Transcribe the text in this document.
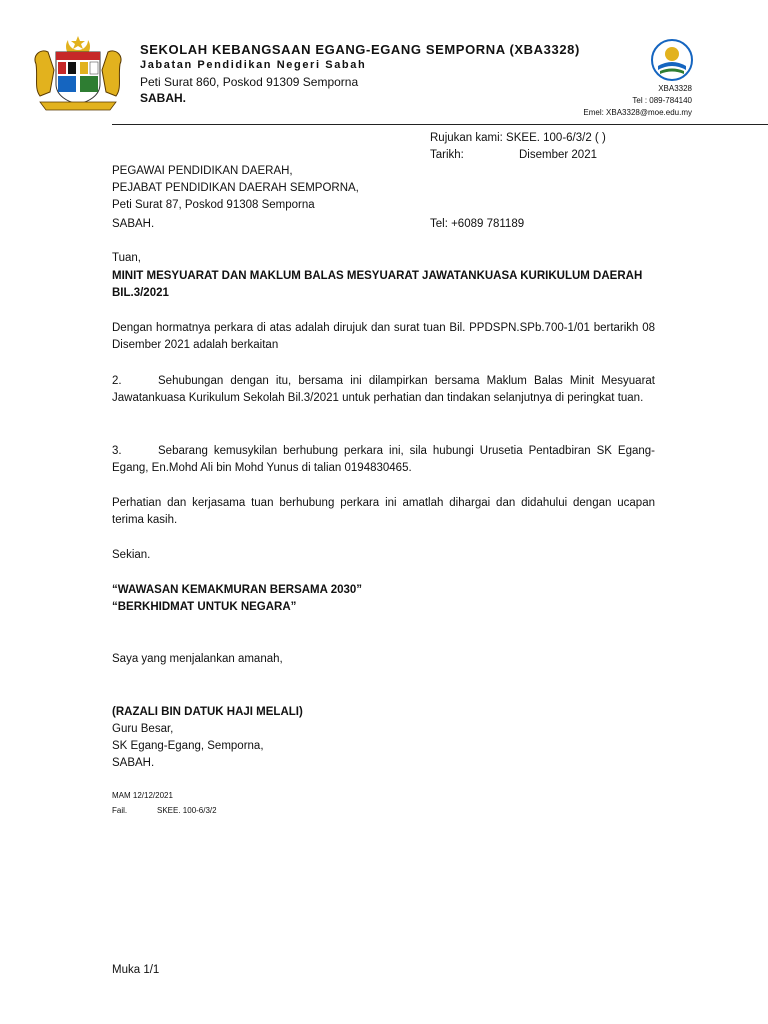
SEKOLAH KEBANGSAAN EGANG-EGANG SEMPORNA (XBA3328)
Jabatan Pendidikan Negeri Sabah
Peti Surat 860, Poskod 91309 Semporna
SABAH.
XBA3328
Tel : 089-784140
Emel: XBA3328@moe.edu.my
Rujukan kami: SKEE. 100-6/3/2 ( )
Tarikh:	Disember 2021
PEGAWAI PENDIDIKAN DAERAH,
PEJABAT PENDIDIKAN DAERAH SEMPORNA,
Peti Surat 87, Poskod 91308 Semporna
SABAH.	Tel: +6089 781189
Tuan,
MINIT MESYUARAT DAN MAKLUM BALAS MESYUARAT JAWATANKUASA KURIKULUM DAERAH
BIL.3/2021
Dengan hormatnya perkara di atas adalah dirujuk dan surat tuan Bil. PPDSPN.SPb.700-1/01 bertarikh 08 Disember 2021 adalah berkaitan
2.	Sehubungan dengan itu, bersama ini dilampirkan bersama Maklum Balas Minit Mesyuarat Jawatankuasa Kurikulum Sekolah Bil.3/2021 untuk perhatian dan tindakan selanjutnya di peringkat tuan.
3.	Sebarang kemusykilan berhubung perkara ini, sila hubungi Urusetia Pentadbiran SK Egang-Egang, En.Mohd Ali bin Mohd Yunus di talian 0194830465.
Perhatian dan kerjasama tuan berhubung perkara ini amatlah dihargai dan didahului dengan ucapan terima kasih.
Sekian.
“WAWASAN KEMAKMURAN BERSAMA 2030”
“BERKHIDMAT UNTUK NEGARA”
Saya yang menjalankan amanah,
(RAZALI BIN DATUK HAJI MELALI)
Guru Besar,
SK Egang-Egang, Semporna,
SABAH.
MAM 12/12/2021
Fail.	SKEE. 100-6/3/2
Muka 1/1
